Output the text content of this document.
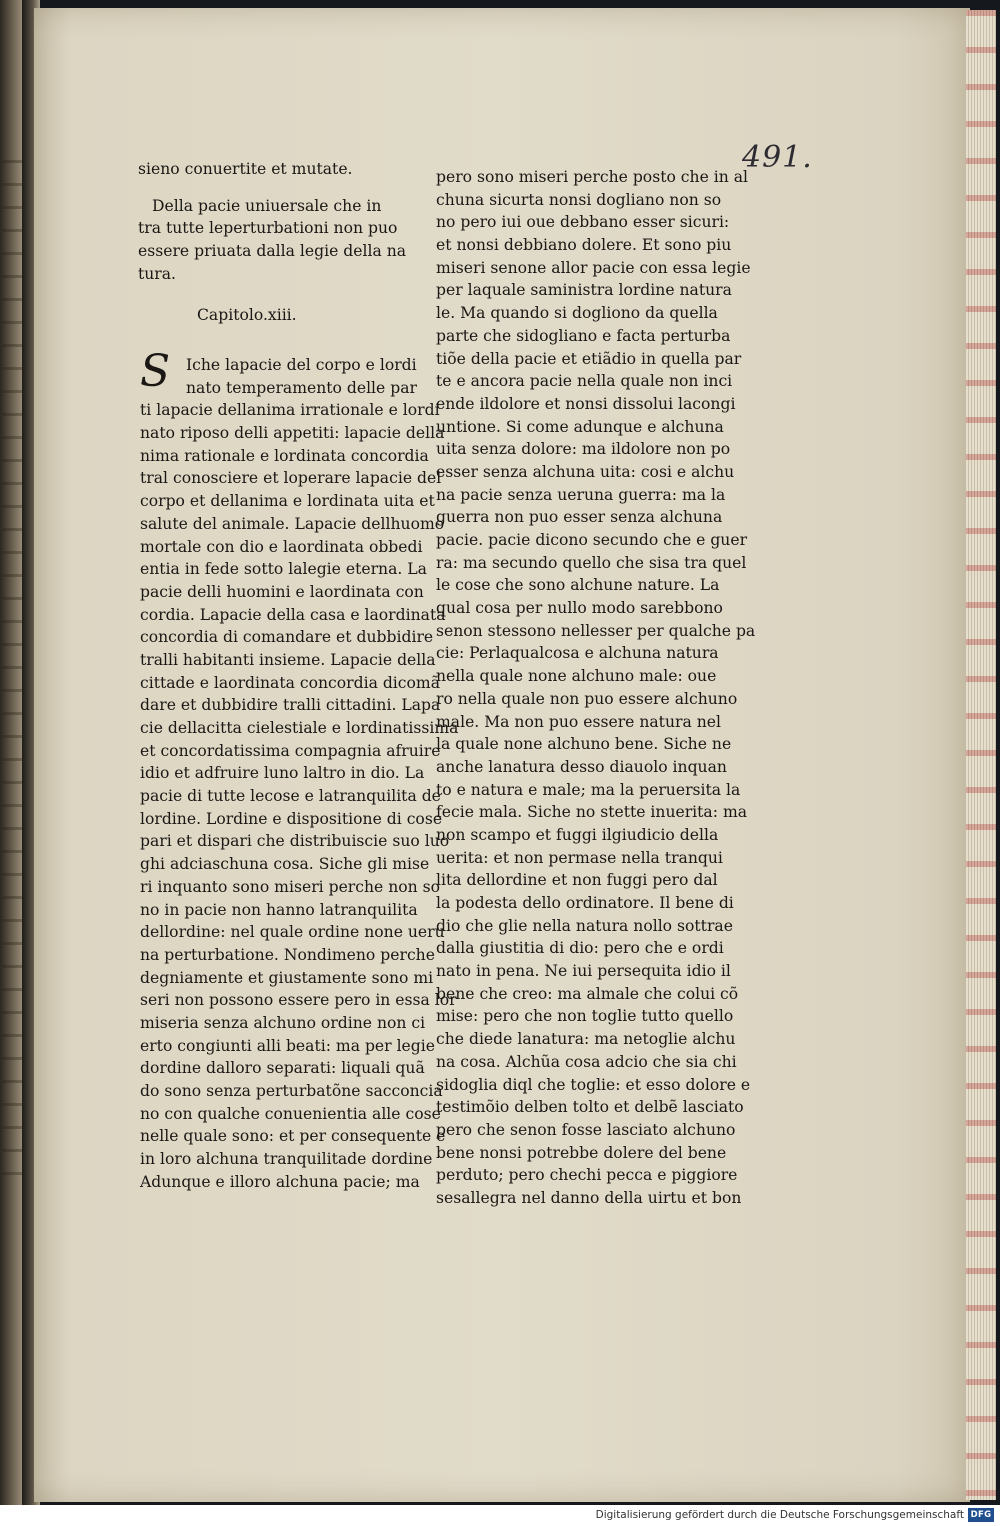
491.
sieno conuertite et mutate.
Della pacie uniuersale che in
tra tutte leperturbationi non puo
essere priuata dalla legie della na
tura.
Capitolo.xiii.
S	Iche lapacie del corpo e lordi
nato temperamento delle par
ti lapacie dellanima irrationale e lordi
nato riposo delli appetiti: lapacie della
nima rationale e lordinata concordia
tral conosciere et loperare lapacie del
corpo et dellanima e lordinata uita et
salute del animale. Lapacie dellhuomo
mortale con dio e laordinata obbedi
entia in fede sotto lalegie eterna. La
pacie delli huomini e laordinata con
cordia. Lapacie della casa e laordinata
concordia di comandare et dubbidire
tralli habitanti insieme. Lapacie della
cittade e laordinata concordia dicomã
dare et dubbidire tralli cittadini. Lapa
cie dellacitta cielestiale e lordinatissima
et concordatissima compagnia afruire
idio et adfruire luno laltro in dio. La
pacie di tutte lecose e latranquilita de
lordine. Lordine e dispositione di cose
pari et dispari che distribuiscie suo luo
ghi adciaschuna cosa. Siche gli mise
ri inquanto sono miseri perche non so
no in pacie non hanno latranquilita
dellordine: nel quale ordine none ueru
na perturbatione. Nondimeno perche
degniamente et giustamente sono mi
seri non possono essere pero in essa lor
miseria senza alchuno ordine non ci
erto congiunti alli beati: ma per legie
dordine dalloro separati: liquali quã
do sono senza perturbatõne sacconcia
no con qualche conuenientia alle cose
nelle quale sono: et per consequente e
in loro alchuna tranquilitade dordine
Adunque e illoro alchuna pacie; ma
pero sono miseri perche posto che in al
chuna sicurta nonsi dogliano non so
no pero iui oue debbano esser sicuri:
et nonsi debbiano dolere. Et sono piu
miseri senone allor pacie con essa legie
per laquale saministra lordine natura
le. Ma quando si dogliono da quella
parte che sidogliano e facta perturba
tiõe della pacie et etiãdio in quella par
te e ancora pacie nella quale non inci
ende ildolore et nonsi dissolui lacongi
untione. Si come adunque e alchuna
uita senza dolore: ma ildolore non po
esser senza alchuna uita: cosi e alchu
na pacie senza ueruna guerra: ma la
guerra non puo esser senza alchuna
pacie. pacie dicono secundo che e guer
ra: ma secundo quello che sisa tra quel
le cose che sono alchune nature. La
qual cosa per nullo modo sarebbono
senon stessono nellesser per qualche pa
cie: Perlaqualcosa e alchuna natura
nella quale none alchuno male: oue
ro nella quale non puo essere alchuno
male. Ma non puo essere natura nel
la quale none alchuno bene. Siche ne
anche lanatura desso diauolo inquan
to e natura e male; ma la peruersita la
fecie mala. Siche no stette inuerita: ma
non scampo et fuggi ilgiudicio della
uerita: et non permase nella tranqui
lita dellordine et non fuggi pero dal
la podesta dello ordinatore. Il bene di
dio che glie nella natura nollo sottrae
dalla giustitia di dio: pero che e ordi
nato in pena. Ne iui persequita idio il
bene che creo: ma almale che colui cõ
mise: pero che non toglie tutto quello
che diede lanatura: ma netoglie alchu
na cosa. Alchũa cosa adcio che sia chi
sidoglia diql che toglie: et esso dolore e
testimõio delben tolto et delbẽ lasciato
pero che senon fosse lasciato alchuno
bene nonsi potrebbe dolere del bene
perduto; pero chechi pecca e piggiore
sesallegra nel danno della uirtu et bon
Digitalisierung gefördert durch die Deutsche Forschungsgemeinschaft DFG
